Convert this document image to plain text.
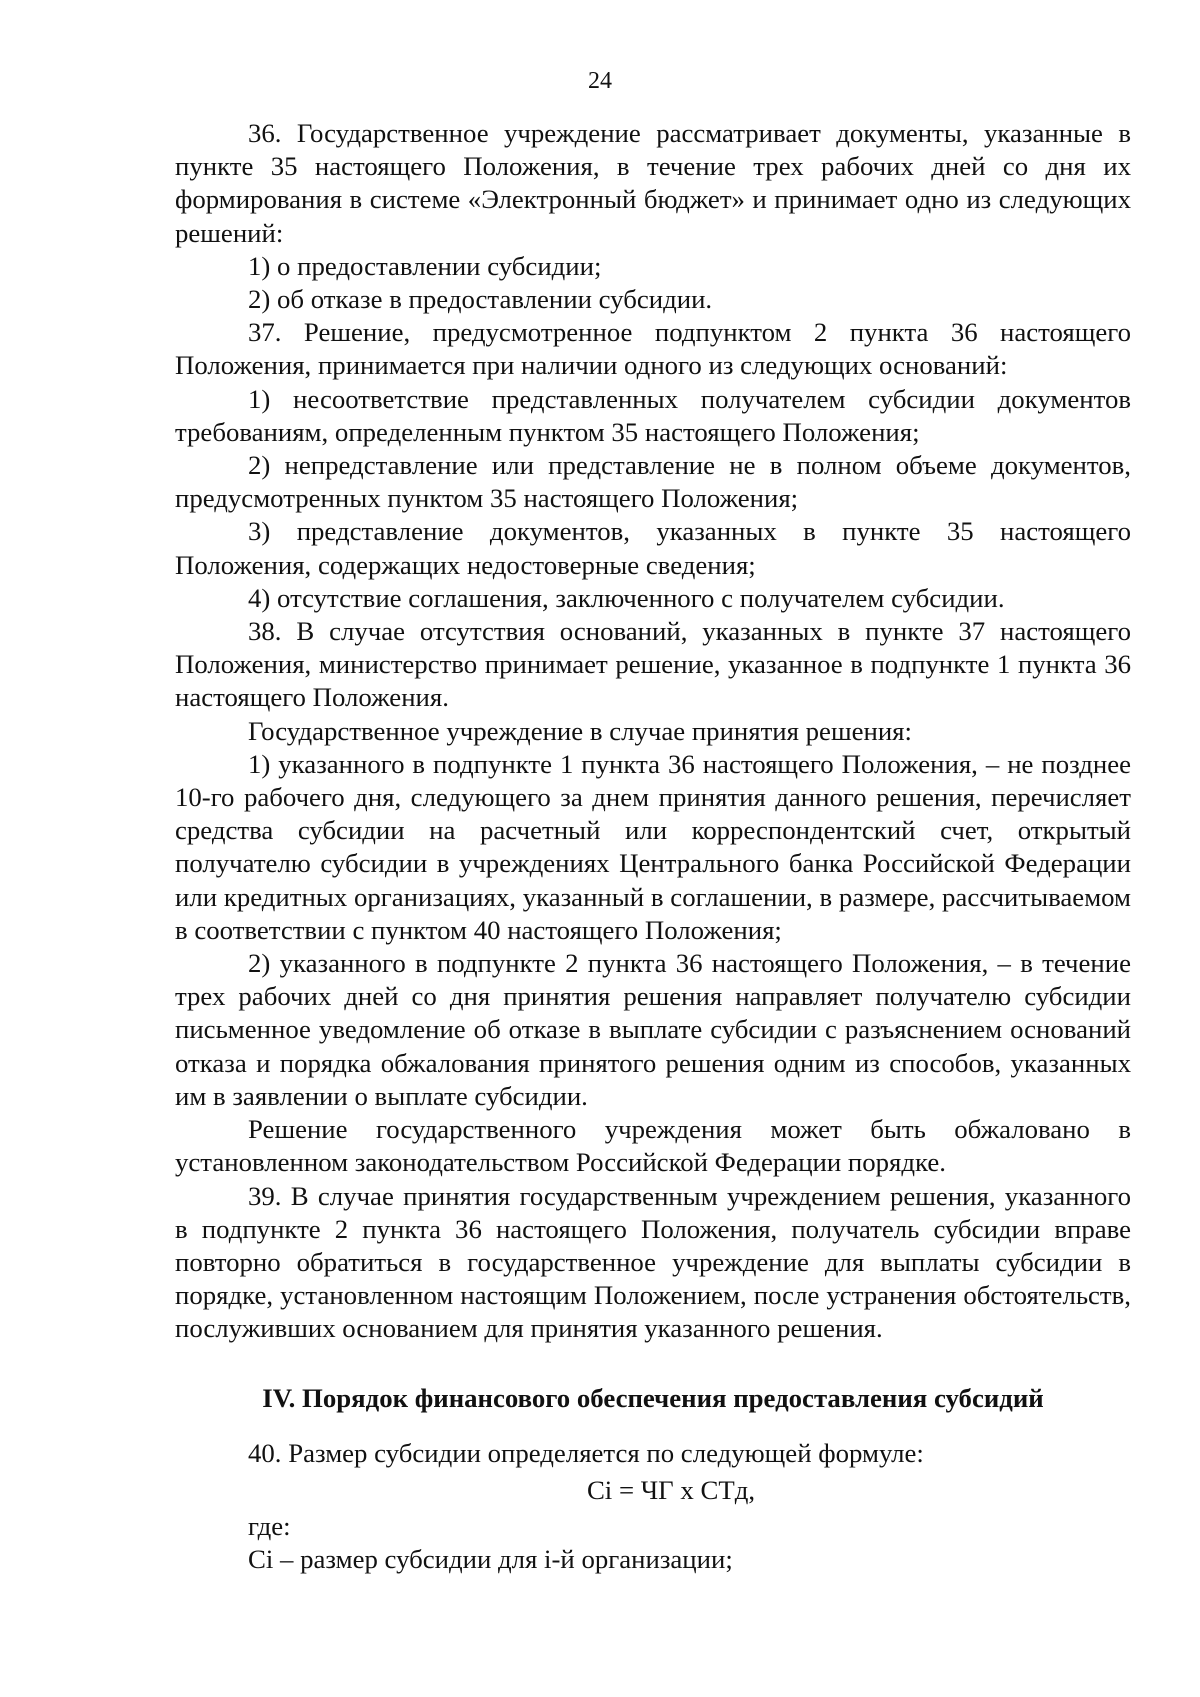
24

36. Государственное учреждение рассматривает документы, указанные в пункте 35 настоящего Положения, в течение трех рабочих дней со дня их формирования в системе «Электронный бюджет» и принимает одно из следующих решений:

1) о предоставлении субсидии;

2) об отказе в предоставлении субсидии.

37. Решение, предусмотренное подпунктом 2 пункта 36 настоящего Положения, принимается при наличии одного из следующих оснований:

1) несоответствие представленных получателем субсидии документов требованиям, определенным пунктом 35 настоящего Положения;

2) непредставление или представление не в полном объеме документов, предусмотренных пунктом 35 настоящего Положения;

3) представление документов, указанных в пункте 35 настоящего Положения, содержащих недостоверные сведения;

4) отсутствие соглашения, заключенного с получателем субсидии.

38. В случае отсутствия оснований, указанных в пункте 37 настоящего Положения, министерство принимает решение, указанное в подпункте 1 пункта 36 настоящего Положения.

Государственное учреждение в случае принятия решения:

1) указанного в подпункте 1 пункта 36 настоящего Положения, – не позднее 10-го рабочего дня, следующего за днем принятия данного решения, перечисляет средства субсидии на расчетный или корреспондентский счет, открытый получателю субсидии в учреждениях Центрального банка Российской Федерации или кредитных организациях, указанный в соглашении, в размере, рассчитываемом в соответствии с пунктом 40 настоящего Положения;

2) указанного в подпункте 2 пункта 36 настоящего Положения, – в течение трех рабочих дней со дня принятия решения направляет получателю субсидии письменное уведомление об отказе в выплате субсидии с разъяснением оснований отказа и порядка обжалования принятого решения одним из способов, указанных им в заявлении о выплате субсидии.

Решение государственного учреждения может быть обжаловано в установленном законодательством Российской Федерации порядке.

39. В случае принятия государственным учреждением решения, указанного в подпункте 2 пункта 36 настоящего Положения, получатель субсидии вправе повторно обратиться в государственное учреждение для выплаты субсидии в порядке, установленном настоящим Положением, после устранения обстоятельств, послуживших основанием для принятия указанного решения.

IV. Порядок финансового обеспечения предоставления субсидий

40. Размер субсидии определяется по следующей формуле:

Ci = ЧГ x СТд,

где:

Ci – размер субсидии для i-й организации;
